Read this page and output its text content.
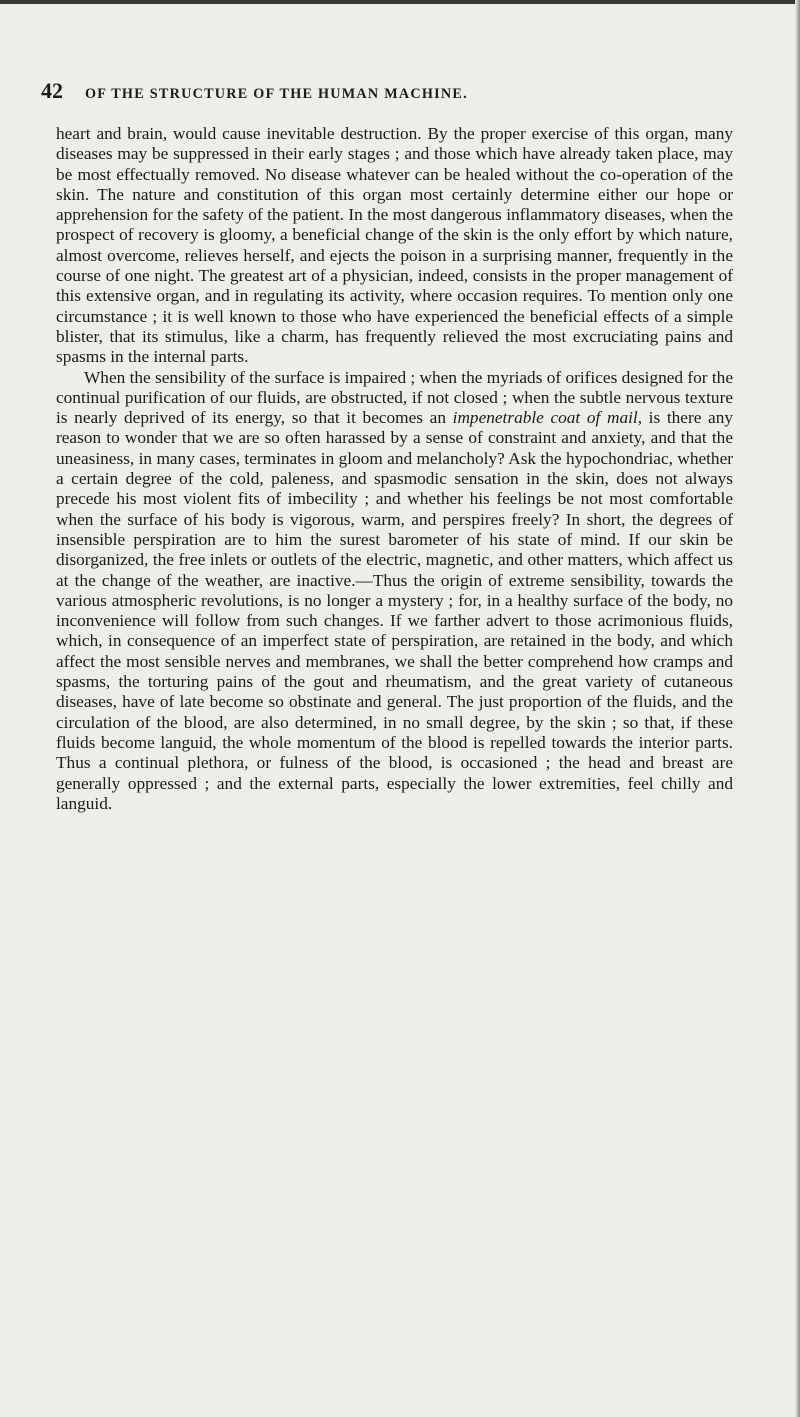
42	OF THE STRUCTURE OF THE HUMAN MACHINE.

heart and brain, would cause inevitable destruction. By the proper exercise of this organ, many diseases may be suppressed in their early stages ; and those which have already taken place, may be most effectually removed. No disease whatever can be healed without the co-operation of the skin. The nature and constitution of this organ most certainly determine either our hope or apprehension for the safety of the patient. In the most dangerous inflammatory diseases, when the prospect of recovery is gloomy, a beneficial change of the skin is the only effort by which nature, almost overcome, relieves herself, and ejects the poison in a surprising manner, frequently in the course of one night. The greatest art of a physician, indeed, consists in the proper management of this extensive organ, and in regulating its activity, where occasion requires. To mention only one circumstance ; it is well known to those who have experienced the beneficial effects of a simple blister, that its stimulus, like a charm, has frequently relieved the most excruciating pains and spasms in the internal parts.

When the sensibility of the surface is impaired ; when the myriads of orifices designed for the continual purification of our fluids, are obstructed, if not closed ; when the subtle nervous texture is nearly deprived of its energy, so that it becomes an impenetrable coat of mail, is there any reason to wonder that we are so often harassed by a sense of constraint and anxiety, and that the uneasiness, in many cases, terminates in gloom and melancholy? Ask the hypochondriac, whether a certain degree of the cold, paleness, and spasmodic sensation in the skin, does not always precede his most violent fits of imbecility ; and whether his feelings be not most comfortable when the surface of his body is vigorous, warm, and perspires freely? In short, the degrees of insensible perspiration are to him the surest barometer of his state of mind. If our skin be disorganized, the free inlets or outlets of the electric, magnetic, and other matters, which affect us at the change of the weather, are inactive.—Thus the origin of extreme sensibility, towards the various atmospheric revolutions, is no longer a mystery ; for, in a healthy surface of the body, no inconvenience will follow from such changes. If we farther advert to those acrimonious fluids, which, in consequence of an imperfect state of perspiration, are retained in the body, and which affect the most sensible nerves and membranes, we shall the better comprehend how cramps and spasms, the torturing pains of the gout and rheumatism, and the great variety of cutaneous diseases, have of late become so obstinate and general. The just proportion of the fluids, and the circulation of the blood, are also determined, in no small degree, by the skin ; so that, if these fluids become languid, the whole momentum of the blood is repelled towards the interior parts. Thus a continual plethora, or fulness of the blood, is occasioned ; the head and breast are generally oppressed ; and the external parts, especially the lower extremities, feel chilly and languid.
